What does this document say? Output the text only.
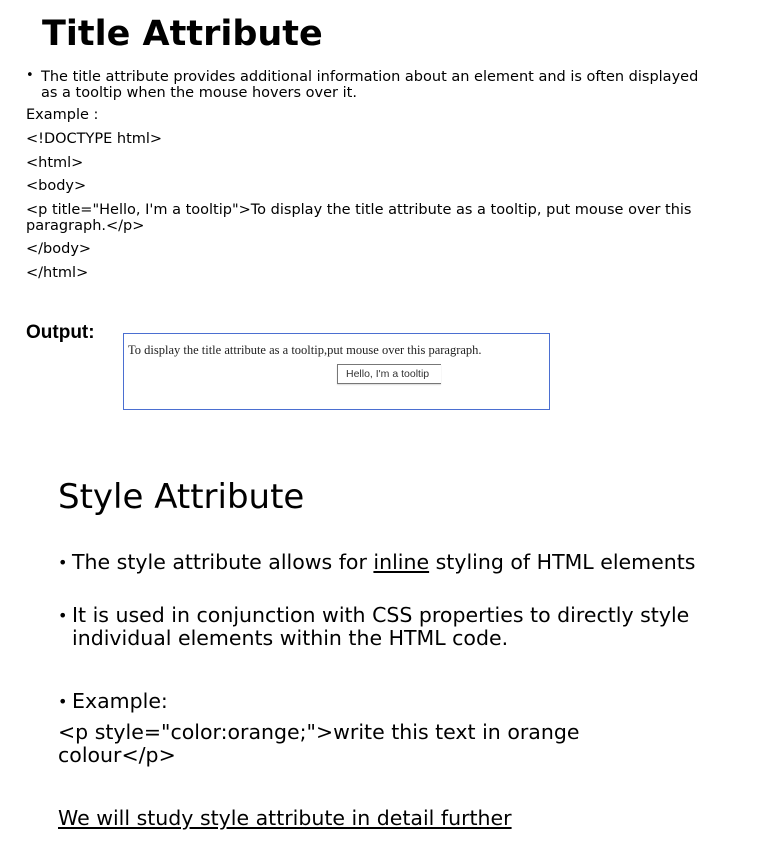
Title Attribute
• The title attribute provides additional information about an element and is often displayed as a tooltip when the mouse hovers over it.
Example :
<!DOCTYPE html>
<html>
<body>
<p title="Hello, I'm a tooltip">To display the title attribute as a tooltip, put mouse over this paragraph.</p>
</body>
</html>
Output:
To display the title attribute as a tooltip,put mouse over this paragraph.
Hello, I'm a tooltip
Style Attribute
• The style attribute allows for inline styling of HTML elements
• It is used in conjunction with CSS properties to directly style individual elements within the HTML code.
• Example:
<p style="color:orange;">write this text in orange colour</p>
We will study style attribute in detail further
